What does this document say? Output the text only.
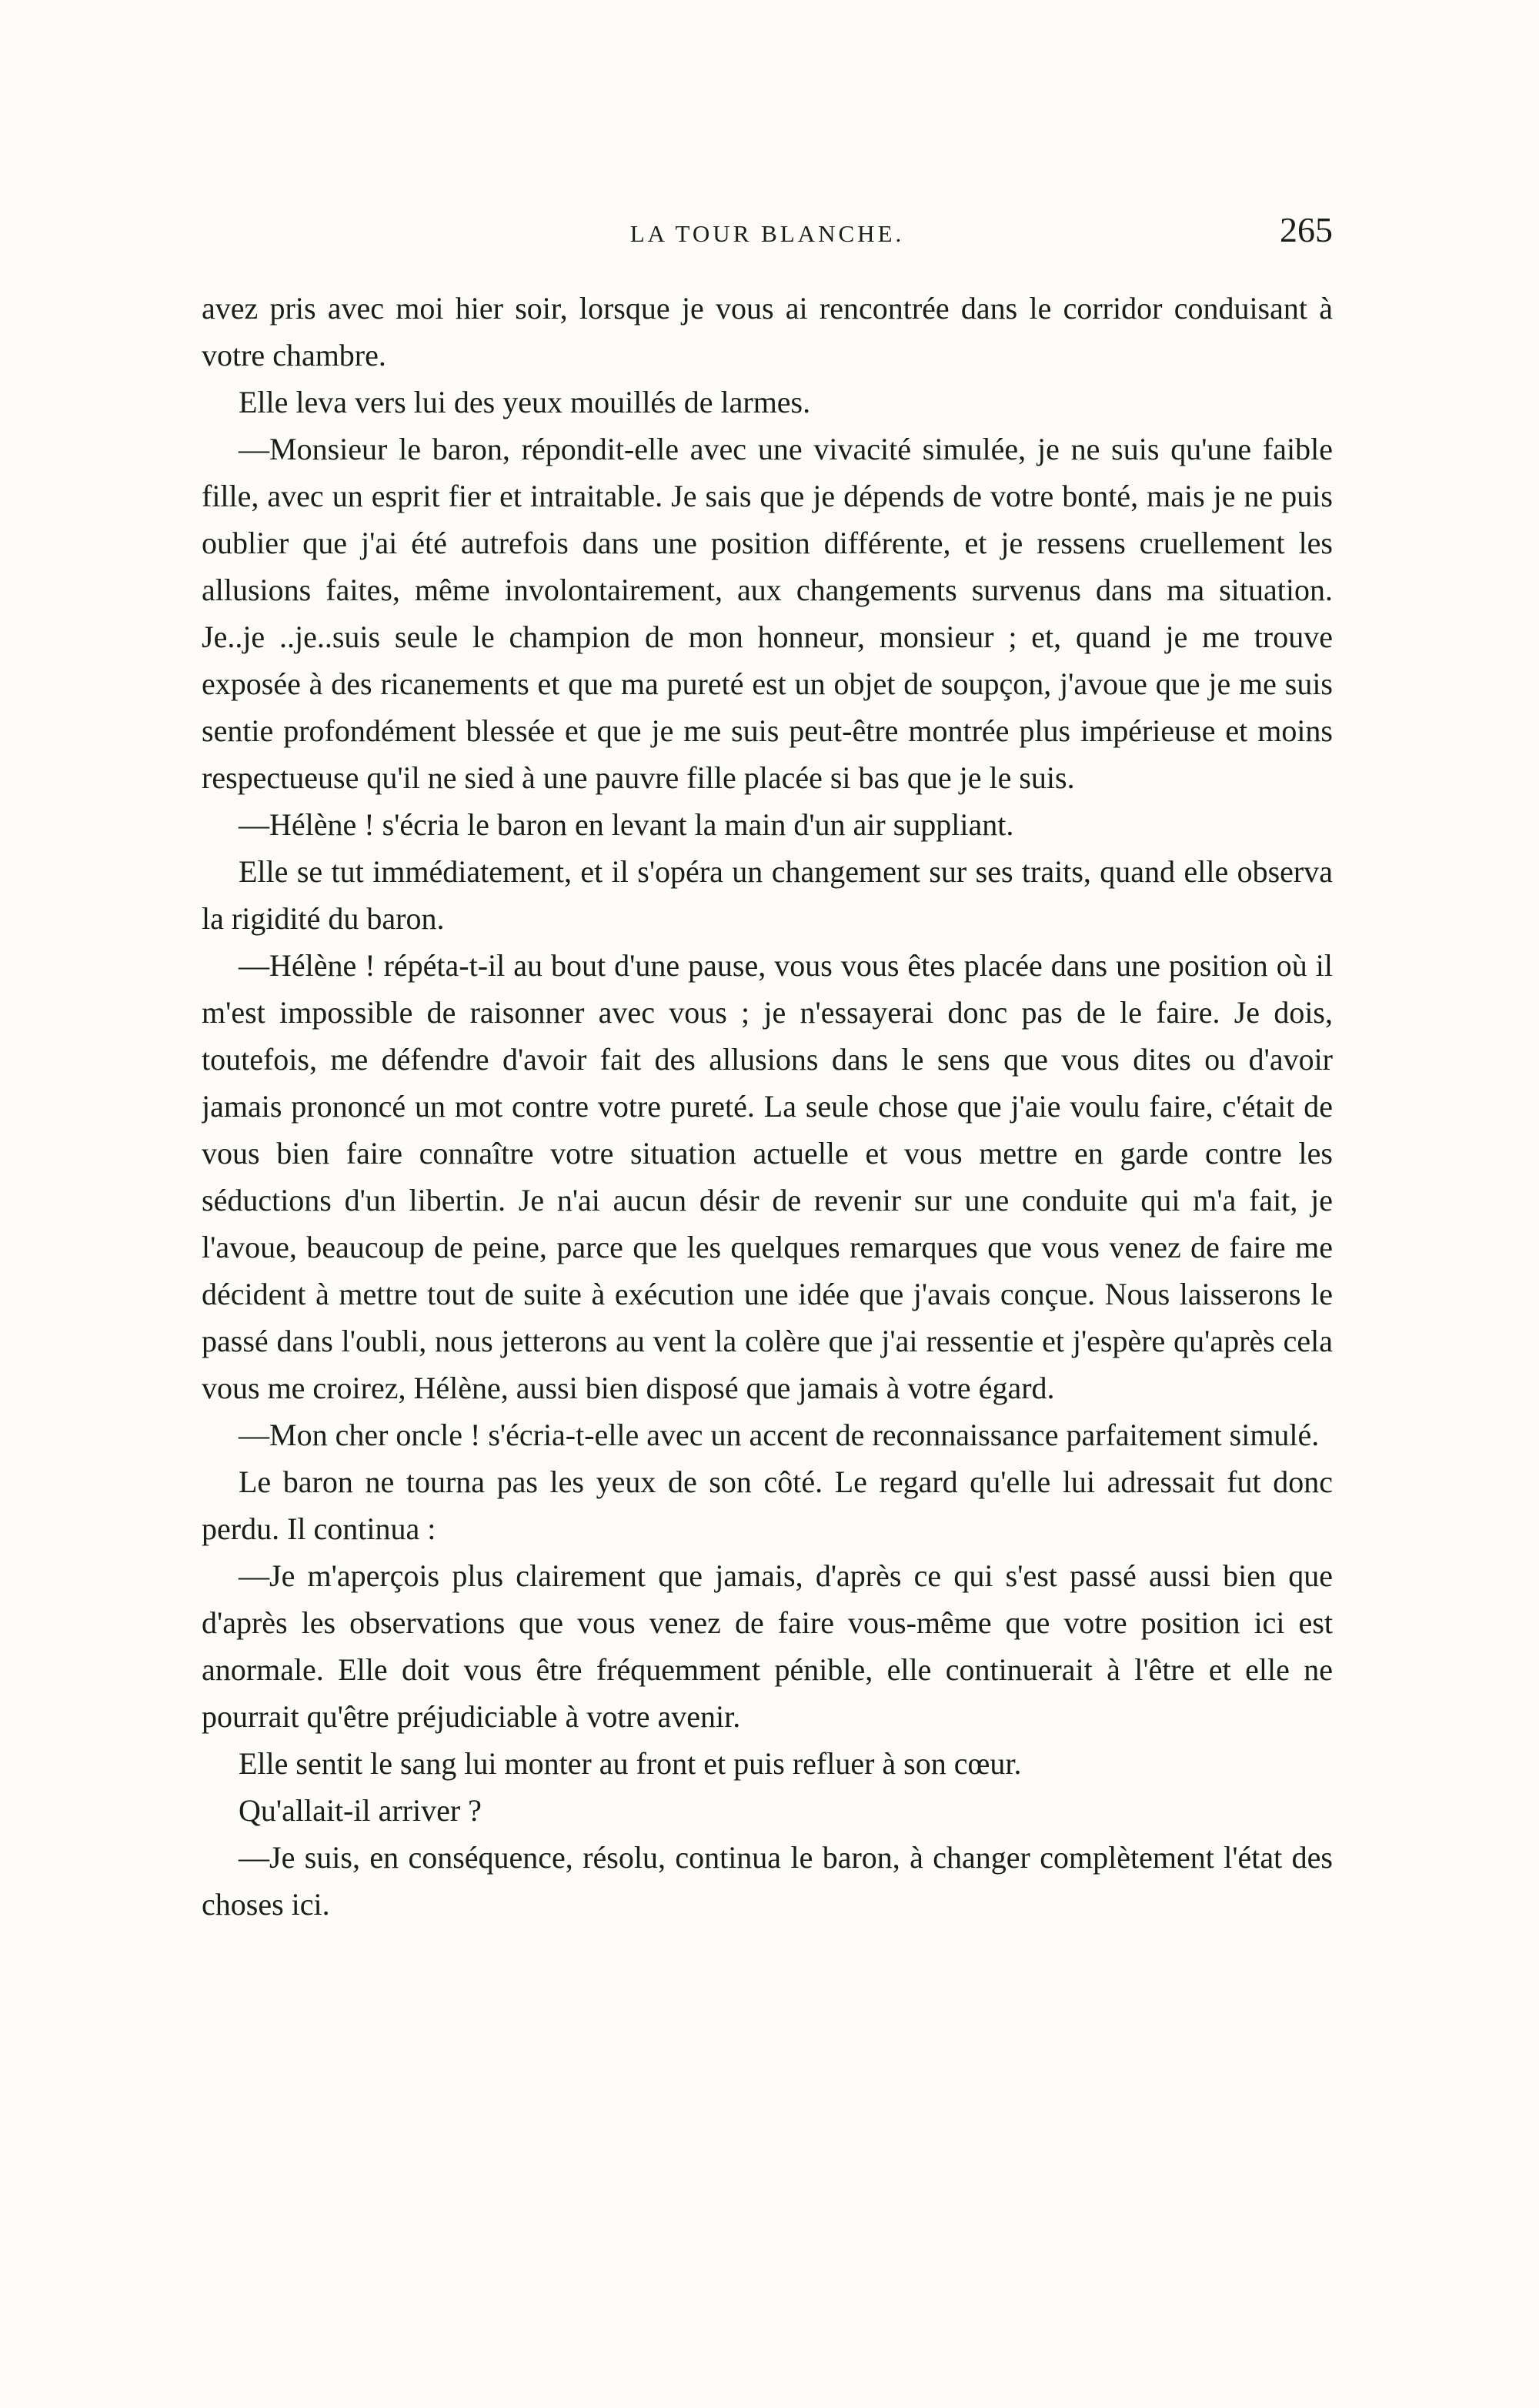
LA TOUR BLANCHE.	265

avez pris avec moi hier soir, lorsque je vous ai rencontrée dans le corridor conduisant à votre chambre.

Elle leva vers lui des yeux mouillés de larmes.

—Monsieur le baron, répondit-elle avec une vivacité simulée, je ne suis qu'une faible fille, avec un esprit fier et intraitable. Je sais que je dépends de votre bonté, mais je ne puis oublier que j'ai été autrefois dans une position différente, et je ressens cruellement les allusions faites, même involontairement, aux changements survenus dans ma situation. Je..je ..je..suis seule le champion de mon honneur, monsieur ; et, quand je me trouve exposée à des ricanements et que ma pureté est un objet de soupçon, j'avoue que je me suis sentie profondément blessée et que je me suis peut-être montrée plus impérieuse et moins respectueuse qu'il ne sied à une pauvre fille placée si bas que je le suis.

—Hélène ! s'écria le baron en levant la main d'un air suppliant.

Elle se tut immédiatement, et il s'opéra un changement sur ses traits, quand elle observa la rigidité du baron.

—Hélène ! répéta-t-il au bout d'une pause, vous vous êtes placée dans une position où il m'est impossible de raisonner avec vous ; je n'essayerai donc pas de le faire. Je dois, toutefois, me défendre d'avoir fait des allusions dans le sens que vous dites ou d'avoir jamais prononcé un mot contre votre pureté. La seule chose que j'aie voulu faire, c'était de vous bien faire connaître votre situation actuelle et vous mettre en garde contre les séductions d'un libertin. Je n'ai aucun désir de revenir sur une conduite qui m'a fait, je l'avoue, beaucoup de peine, parce que les quelques remarques que vous venez de faire me décident à mettre tout de suite à exécution une idée que j'avais conçue. Nous laisserons le passé dans l'oubli, nous jetterons au vent la colère que j'ai ressentie et j'espère qu'après cela vous me croirez, Hélène, aussi bien disposé que jamais à votre égard.

—Mon cher oncle ! s'écria-t-elle avec un accent de reconnaissance parfaitement simulé.

Le baron ne tourna pas les yeux de son côté. Le regard qu'elle lui adressait fut donc perdu. Il continua :

—Je m'aperçois plus clairement que jamais, d'après ce qui s'est passé aussi bien que d'après les observations que vous venez de faire vous-même que votre position ici est anormale. Elle doit vous être fréquemment pénible, elle continuerait à l'être et elle ne pourrait qu'être préjudiciable à votre avenir.

Elle sentit le sang lui monter au front et puis refluer à son cœur.

Qu'allait-il arriver ?

—Je suis, en conséquence, résolu, continua le baron, à changer complètement l'état des choses ici.
